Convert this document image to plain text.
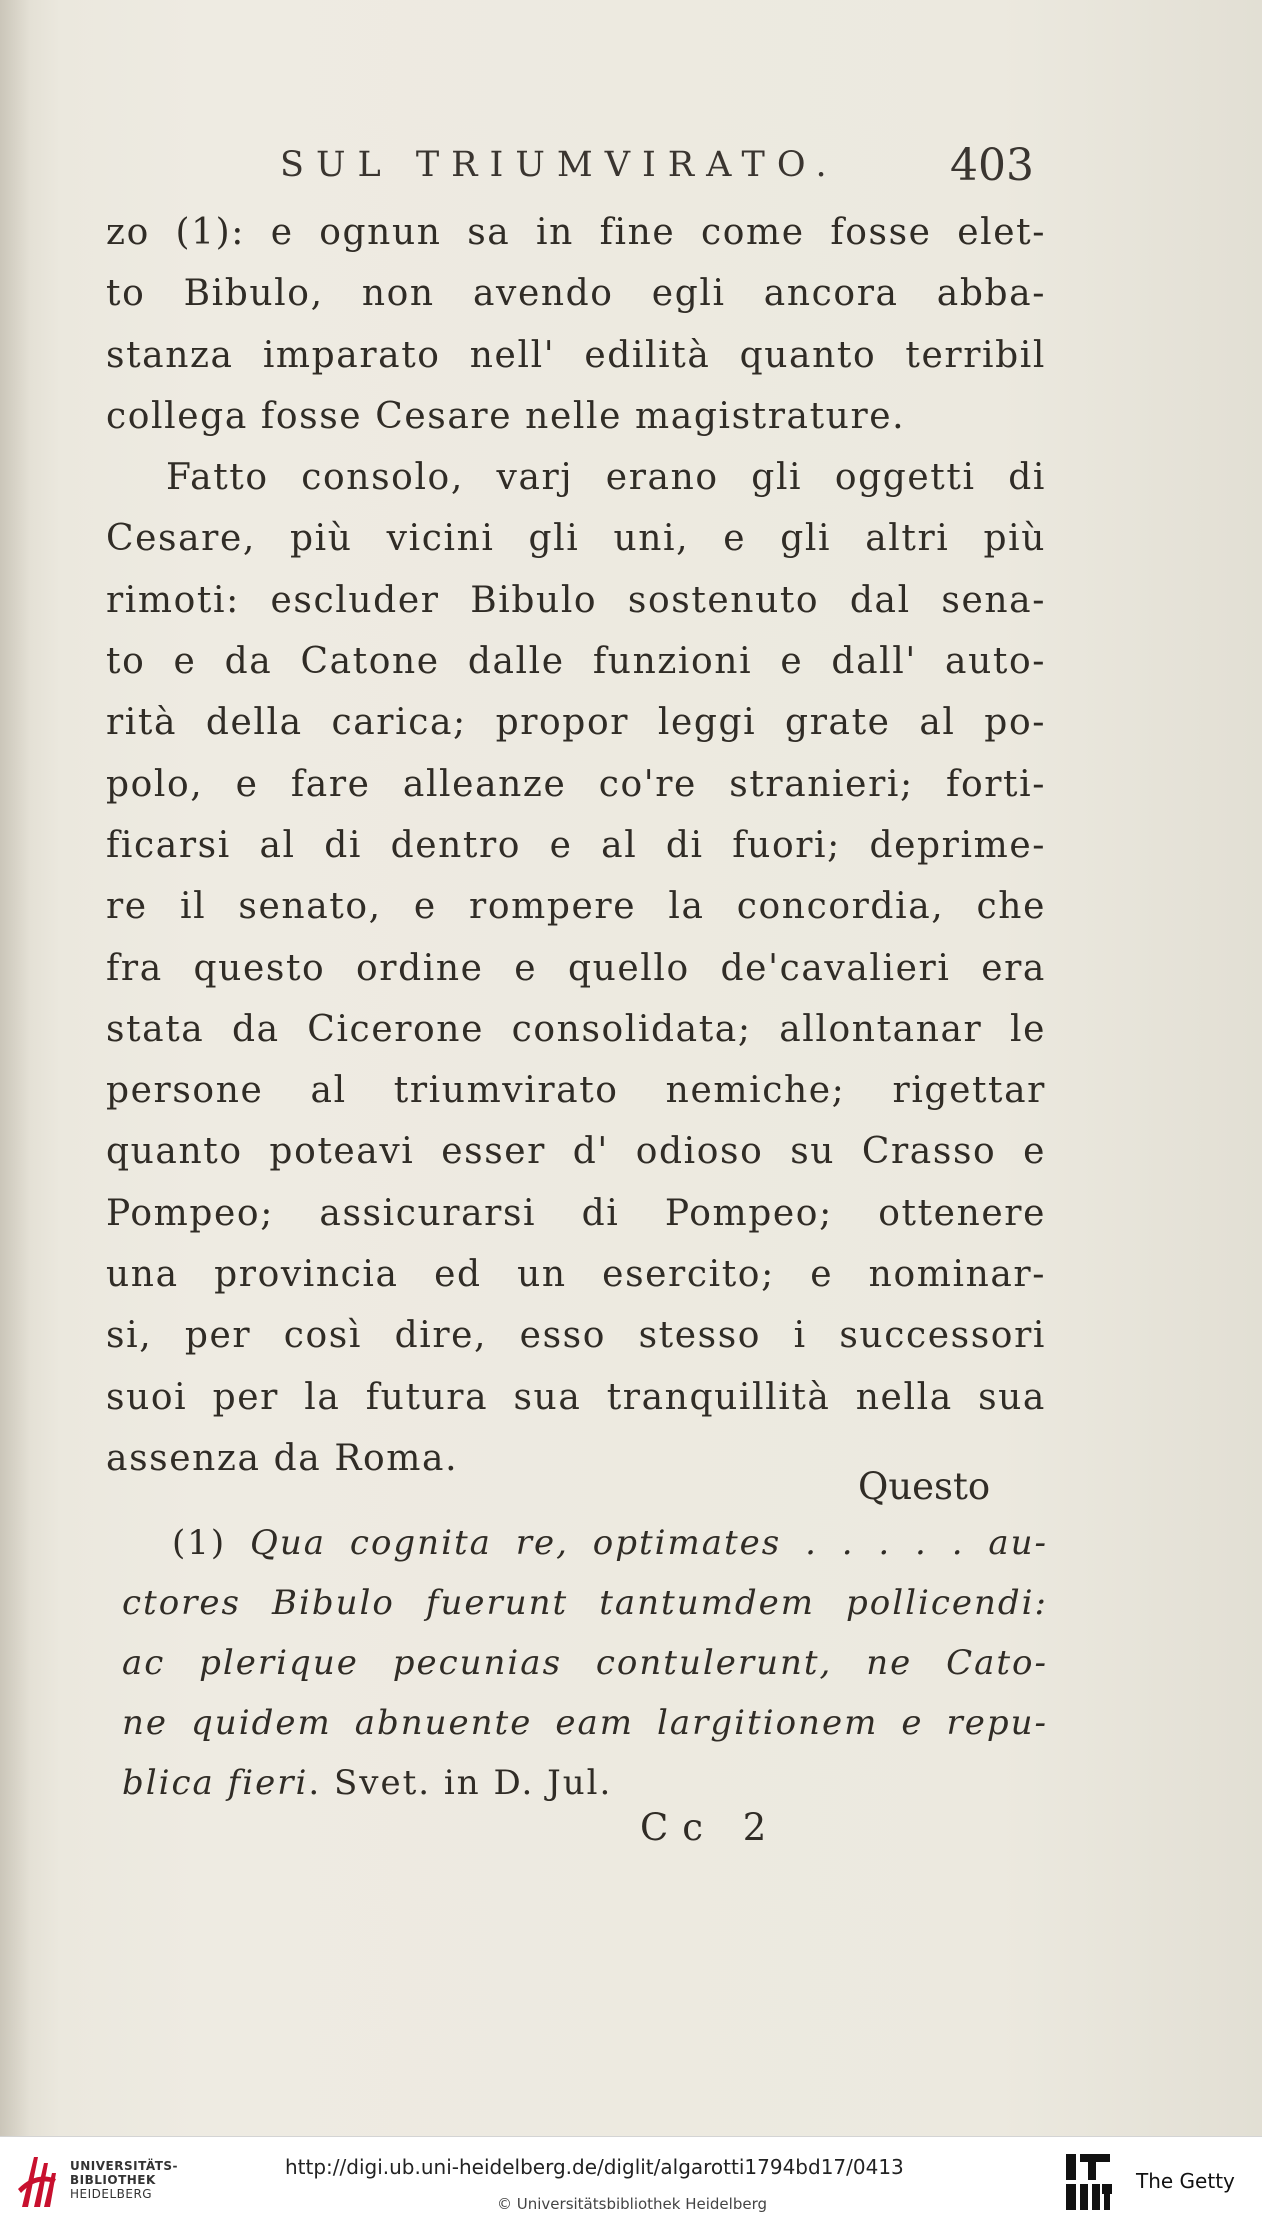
SUL TRIUMVIRATO.	403
zo (1): e ognun sa in fine come fosse elet-
to Bibulo, non avendo egli ancora abba-
stanza imparato nell' edilità quanto terribil
collega fosse Cesare nelle magistrature.
Fatto consolo, varj erano gli oggetti di
Cesare, più vicini gli uni, e gli altri più
rimoti: escluder Bibulo sostenuto dal sena-
to e da Catone dalle funzioni e dall' auto-
rità della carica; propor leggi grate al po-
polo, e fare alleanze co're stranieri; forti-
ficarsi al di dentro e al di fuori; deprime-
re il senato, e rompere la concordia, che
fra questo ordine e quello de'cavalieri era
stata da Cicerone consolidata; allontanar le
persone al triumvirato nemiche; rigettar
quanto poteavi esser d' odioso su Crasso e
Pompeo; assicurarsi di Pompeo; ottenere
una provincia ed un esercito; e nominar-
si, per così dire, esso stesso i successori
suoi per la futura sua tranquillità nella sua
assenza da Roma.
Questo
(1) Qua cognita re, optimates . . . . . au-
ctores Bibulo fuerunt tantumdem pollicendi:
ac plerique pecunias contulerunt, ne Cato-
ne quidem abnuente eam largitionem e repu-
blica fieri. Svet. in D. Jul.
Cc 2
UNIVERSITÄTS-
BIBLIOTHEK
HEIDELBERG
http://digi.ub.uni-heidelberg.de/diglit/algarotti1794bd17/0413
© Universitätsbibliothek Heidelberg
The Getty
